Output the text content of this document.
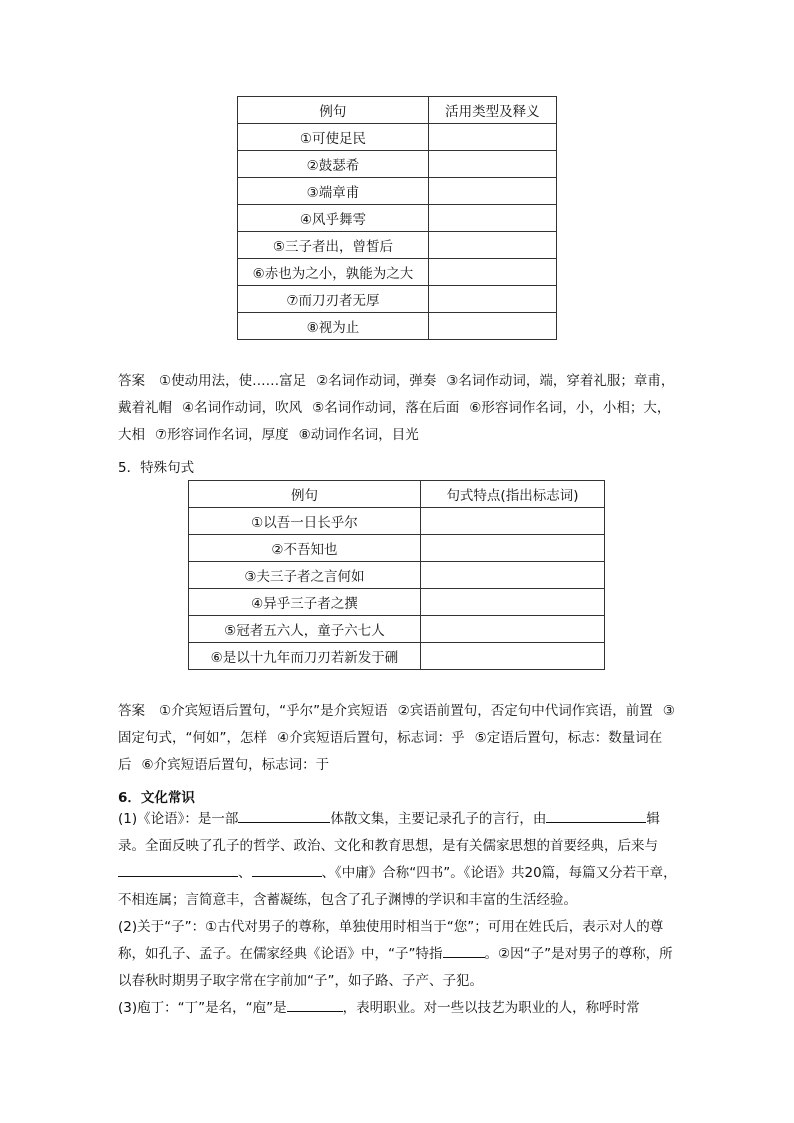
例句	活用类型及释义
①可使足民	
②鼓瑟希	
③端章甫	
④风乎舞雩	
⑤三子者出，曾皙后	
⑥赤也为之小，孰能为之大	
⑦而刀刃者无厚	
⑧视为止	
答案 ①使动用法，使……富足 ②名词作动词，弹奏 ③名词作动词，端，穿着礼服；章甫，戴着礼帽 ④名词作动词，吹风 ⑤名词作动词，落在后面 ⑥形容词作名词，小，小相；大，大相 ⑦形容词作名词，厚度 ⑧动词作名词，目光
5．特殊句式
例句	句式特点(指出标志词)
①以吾一日长乎尔	
②不吾知也	
③夫三子者之言何如	
④异乎三子者之撰	
⑤冠者五六人，童子六七人	
⑥是以十九年而刀刃若新发于硎	
答案 ①介宾短语后置句，“乎尔”是介宾短语 ②宾语前置句，否定句中代词作宾语，前置 ③固定句式，“何如”，怎样 ④介宾短语后置句，标志词：乎 ⑤定语后置句，标志：数量词在后 ⑥介宾短语后置句，标志词：于
6．文化常识
(1)《论语》：是一部	体散文集，主要记录孔子的言行，由	辑录。全面反映了孔子的哲学、政治、文化和教育思想，是有关儒家思想的首要经典，后来与、	、《中庸》合称“四书”。《论语》共20篇，每篇又分若干章，不相连属；言简意丰，含蓄凝练，包含了孔子渊博的学识和丰富的生活经验。
(2)关于“子”：①古代对男子的尊称，单独使用时相当于“您”；可用在姓氏后，表示对人的尊称，如孔子、孟子。在儒家经典《论语》中，“子”特指	。②因“子”是对男子的尊称，所以春秋时期男子取字常在字前加“子”，如子路、子产、子犯。
(3)庖丁：“丁”是名，“庖”是	，表明职业。对一些以技艺为职业的人，称呼时常
